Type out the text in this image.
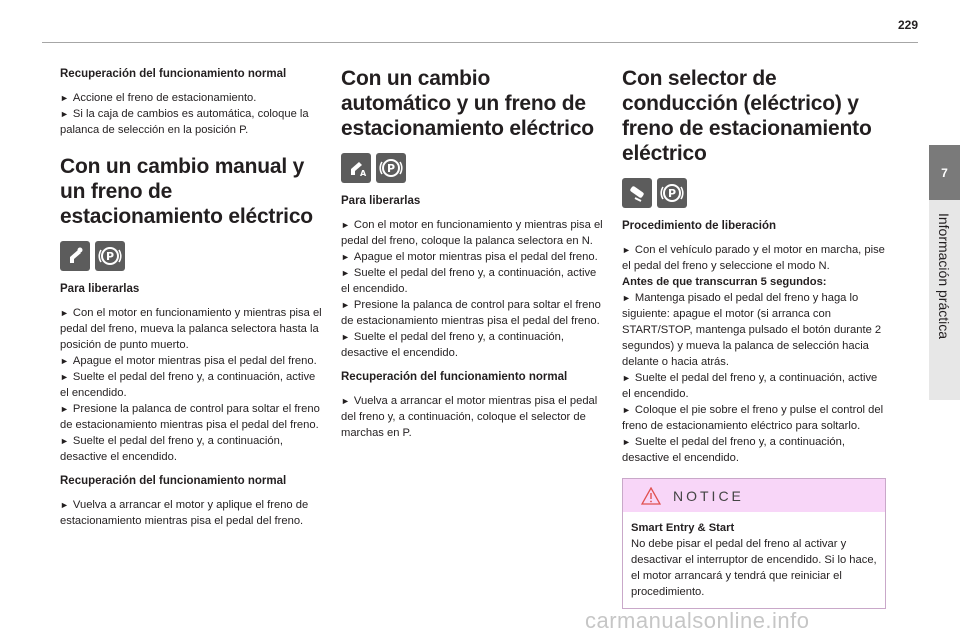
229
7
Información práctica
Recuperación del funcionamiento normal

► Accione el freno de estacionamiento.

► Si la caja de cambios es automática, coloque la palanca de selección en la posición P.

Con un cambio manual y un freno de estacionamiento eléctrico
P
Para liberarlas

► Con el motor en funcionamiento y mientras pisa el pedal del freno, mueva la palanca selectora hasta la posición de punto muerto.

► Apague el motor mientras pisa el pedal del freno.

► Suelte el pedal del freno y, a continuación, active el encendido.

► Presione la palanca de control para soltar el freno de estacionamiento mientras pisa el pedal del freno.

► Suelte el pedal del freno y, a continuación, desactive el encendido.

Recuperación del funcionamiento normal

► Vuelva a arrancar el motor y aplique el freno de estacionamiento mientras pisa el pedal del freno.

Con un cambio automático y un freno de estacionamiento eléctrico
A P
Para liberarlas

► Con el motor en funcionamiento y mientras pisa el pedal del freno, coloque la palanca selectora en N.

► Apague el motor mientras pisa el pedal del freno.

► Suelte el pedal del freno y, a continuación, active el encendido.

► Presione la palanca de control para soltar el freno de estacionamiento mientras pisa el pedal del freno.

► Suelte el pedal del freno y, a continuación, desactive el encendido.

Recuperación del funcionamiento normal

► Vuelva a arrancar el motor mientras pisa el pedal del freno y, a continuación, coloque el selector de marchas en P.

Con selector de conducción (eléctrico) y freno de estacionamiento eléctrico
P
Procedimiento de liberación

► Con el vehículo parado y el motor en marcha, pise el pedal del freno y seleccione el modo N.

Antes de que transcurran 5 segundos:

► Mantenga pisado el pedal del freno y haga lo siguiente: apague el motor (si arranca con START/STOP, mantenga pulsado el botón durante 2 segundos) y mueva la palanca de selección hacia delante o hacia atrás.

► Suelte el pedal del freno y, a continuación, active el encendido.

► Coloque el pie sobre el freno y pulse el control del freno de estacionamiento eléctrico para soltarlo.

► Suelte el pedal del freno y, a continuación, desactive el encendido.

NOTICE
Smart Entry & Start
No debe pisar el pedal del freno al activar y desactivar el interruptor de encendido. Si lo hace, el motor arrancará y tendrá que reiniciar el procedimiento.
carmanualsonline.info
